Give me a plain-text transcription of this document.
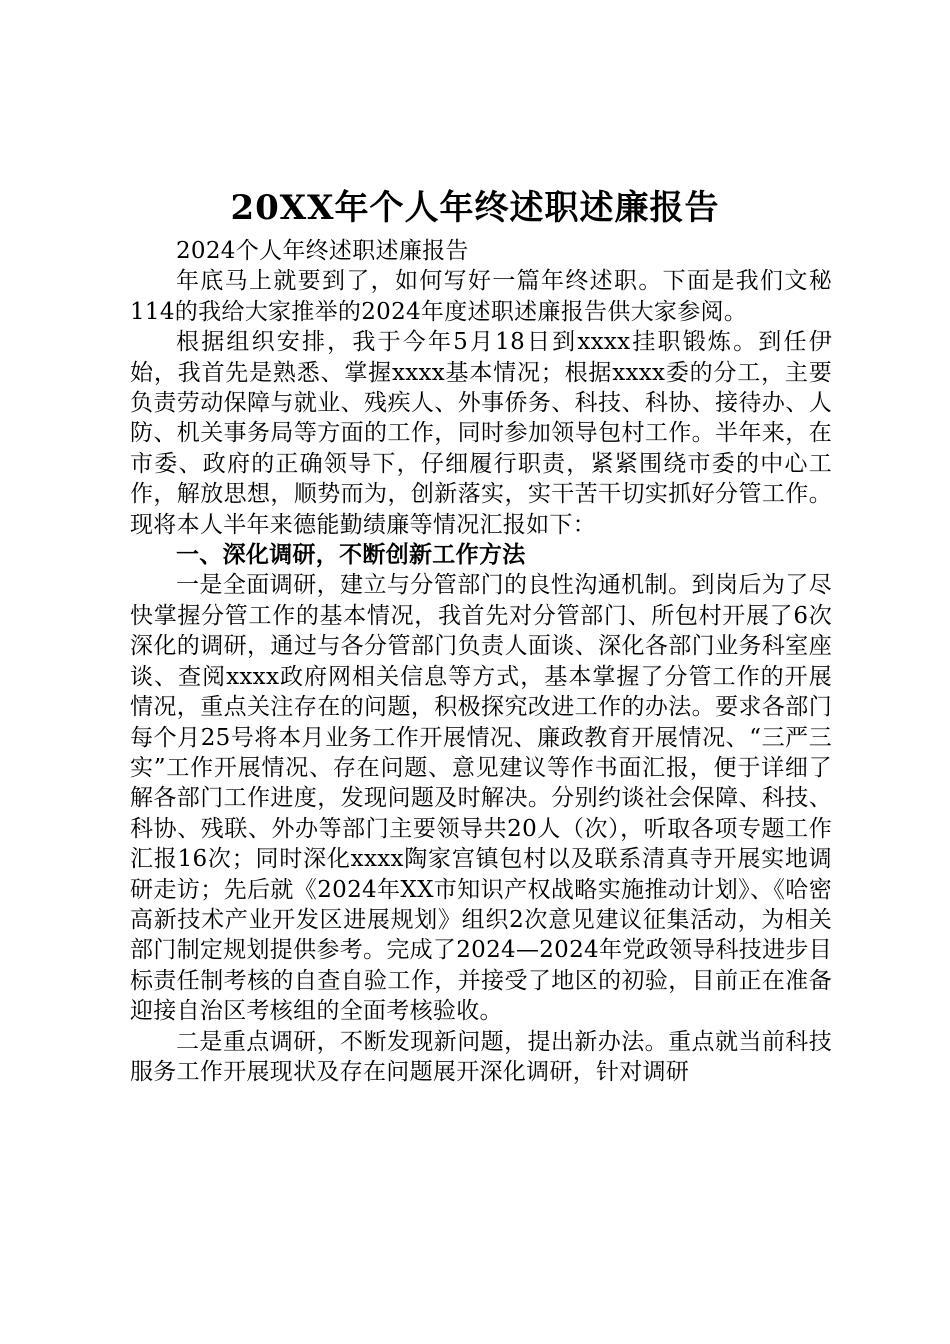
20XX年个人年终述职述廉报告

2024个人年终述职述廉报告

年底马上就要到了，如何写好一篇年终述职。下面是我们文秘114的我给大家推举的2024年度述职述廉报告供大家参阅。

根据组织安排，我于今年5月18日到xxxx挂职锻炼。到任伊始，我首先是熟悉、掌握xxxx基本情况；根据xxxx委的分工，主要负责劳动保障与就业、残疾人、外事侨务、科技、科协、接待办、人防、机关事务局等方面的工作，同时参加领导包村工作。半年来，在市委、政府的正确领导下，仔细履行职责，紧紧围绕市委的中心工作，解放思想，顺势而为，创新落实，实干苦干切实抓好分管工作。现将本人半年来德能勤绩廉等情况汇报如下：

一、深化调研，不断创新工作方法

一是全面调研，建立与分管部门的良性沟通机制。到岗后为了尽快掌握分管工作的基本情况，我首先对分管部门、所包村开展了6次深化的调研，通过与各分管部门负责人面谈、深化各部门业务科室座谈、查阅xxxx政府网相关信息等方式，基本掌握了分管工作的开展情况，重点关注存在的问题，积极探究改进工作的办法。要求各部门每个月25号将本月业务工作开展情况、廉政教育开展情况、“三严三实”工作开展情况、存在问题、意见建议等作书面汇报，便于详细了解各部门工作进度，发现问题及时解决。分别约谈社会保障、科技、科协、残联、外办等部门主要领导共20人（次），听取各项专题工作汇报16次；同时深化xxxx陶家宫镇包村以及联系清真寺开展实地调研走访；先后就《2024年XX市知识产权战略实施推动计划》、《哈密高新技术产业开发区进展规划》组织2次意见建议征集活动，为相关部门制定规划提供参考。完成了2024—2024年党政领导科技进步目标责任制考核的自查自验工作，并接受了地区的初验，目前正在准备迎接自治区考核组的全面考核验收。

二是重点调研，不断发现新问题，提出新办法。重点就当前科技服务工作开展现状及存在问题展开深化调研，针对调研
